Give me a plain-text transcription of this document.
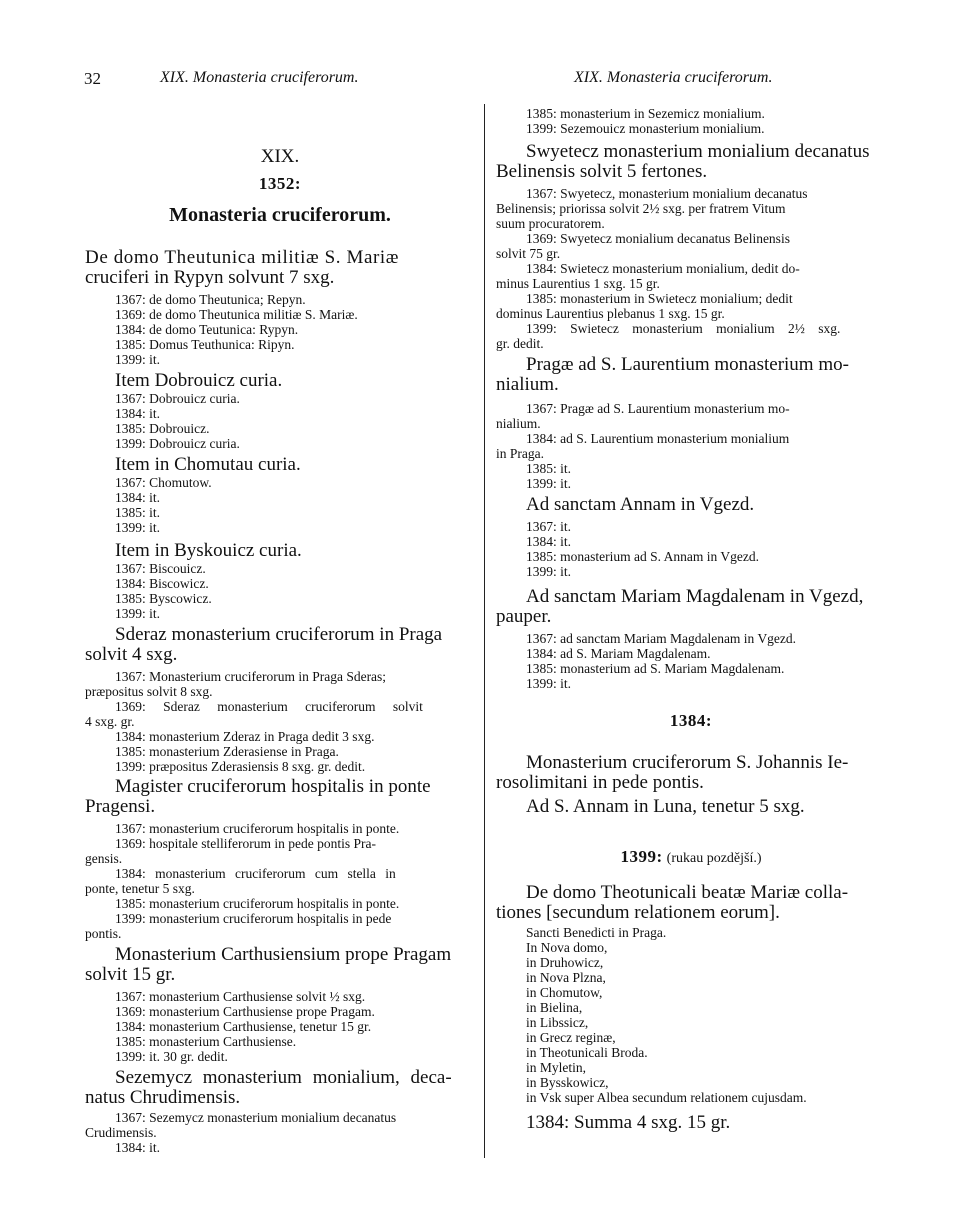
32	XIX. Monasteria cruciferorum.	XIX. Monasteria cruciferorum.
XIX.
1352:
Monasteria cruciferorum.
De domo Theutunica militiæ S. Mariæ
cruciferi in Rypyn solvunt 7 sxg.
1367: de domo Theutunica; Repyn.
1369: de domo Theutunica militiæ S. Mariæ.
1384: de domo Teutunica: Rypyn.
1385: Domus Teuthunica: Ripyn.
1399: it.
Item Dobrouicz curia.
1367: Dobrouicz curia.
1384: it.
1385: Dobrouicz.
1399: Dobrouicz curia.
Item in Chomutau curia.
1367: Chomutow.
1384: it.
1385: it.
1399: it.
Item in Byskouicz curia.
1367: Biscouicz.
1384: Biscowicz.
1385: Byscowicz.
1399: it.
Sderaz monasterium cruciferorum in Praga
solvit 4 sxg.
1367: Monasterium cruciferorum in Praga Sderas;
præpositus solvit 8 sxg.
1369: Sderaz monasterium cruciferorum solvit
4 sxg. gr.
1384: monasterium Zderaz in Praga dedit 3 sxg.
1385: monasterium Zderasiense in Praga.
1399: præpositus Zderasiensis 8 sxg. gr. dedit.
Magister cruciferorum hospitalis in ponte
Pragensi.
1367: monasterium cruciferorum hospitalis in ponte.
1369: hospitale stelliferorum in pede pontis Pra-
gensis.
1384: monasterium cruciferorum cum stella in
ponte, tenetur 5 sxg.
1385: monasterium cruciferorum hospitalis in ponte.
1399: monasterium cruciferorum hospitalis in pede
pontis.
Monasterium Carthusiensium prope Pragam
solvit 15 gr.
1367: monasterium Carthusiense solvit ½ sxg.
1369: monasterium Carthusiense prope Pragam.
1384: monasterium Carthusiense, tenetur 15 gr.
1385: monasterium Carthusiense.
1399: it. 30 gr. dedit.
Sezemycz monasterium monialium, deca-
natus Chrudimensis.
1367: Sezemycz monasterium monialium decanatus
Crudimensis.
1384: it.
1385: monasterium in Sezemicz monialium.
1399: Sezemouicz monasterium monialium.
Swyetecz monasterium monialium decanatus
Belinensis solvit 5 fertones.
1367: Swyetecz, monasterium monialium decanatus
Belinensis; priorissa solvit 2½ sxg. per fratrem Vitum
suum procuratorem.
1369: Swyetecz monialium decanatus Belinensis
solvit 75 gr.
1384: Swietecz monasterium monialium, dedit do-
minus Laurentius 1 sxg. 15 gr.
1385: monasterium in Swietecz monialium; dedit
dominus Laurentius plebanus 1 sxg. 15 gr.
1399: Swietecz monasterium monialium 2½ sxg.
gr. dedit.
Pragæ ad S. Laurentium monasterium mo-
nialium.
1367: Pragæ ad S. Laurentium monasterium mo-
nialium.
1384: ad S. Laurentium monasterium monialium
in Praga.
1385: it.
1399: it.
Ad sanctam Annam in Vgezd.
1367: it.
1384: it.
1385: monasterium ad S. Annam in Vgezd.
1399: it.
Ad sanctam Mariam Magdalenam in Vgezd,
pauper.
1367: ad sanctam Mariam Magdalenam in Vgezd.
1384: ad S. Mariam Magdalenam.
1385: monasterium ad S. Mariam Magdalenam.
1399: it.
1384:
Monasterium cruciferorum S. Johannis Ie-
rosolimitani in pede pontis.
Ad S. Annam in Luna, tenetur 5 sxg.
1399: (rukau pozdější.)
De domo Theotunicali beatæ Mariæ colla-
tiones [secundum relationem eorum].
Sancti Benedicti in Praga.
In Nova domo,
in Druhowicz,
in Nova Plzna,
in Chomutow,
in Bielina,
in Libssicz,
in Grecz reginæ,
in Theotunicali Broda.
in Myletin,
in Bysskowicz,
in Vsk super Albea secundum relationem cujusdam.
1384: Summa 4 sxg. 15 gr.
